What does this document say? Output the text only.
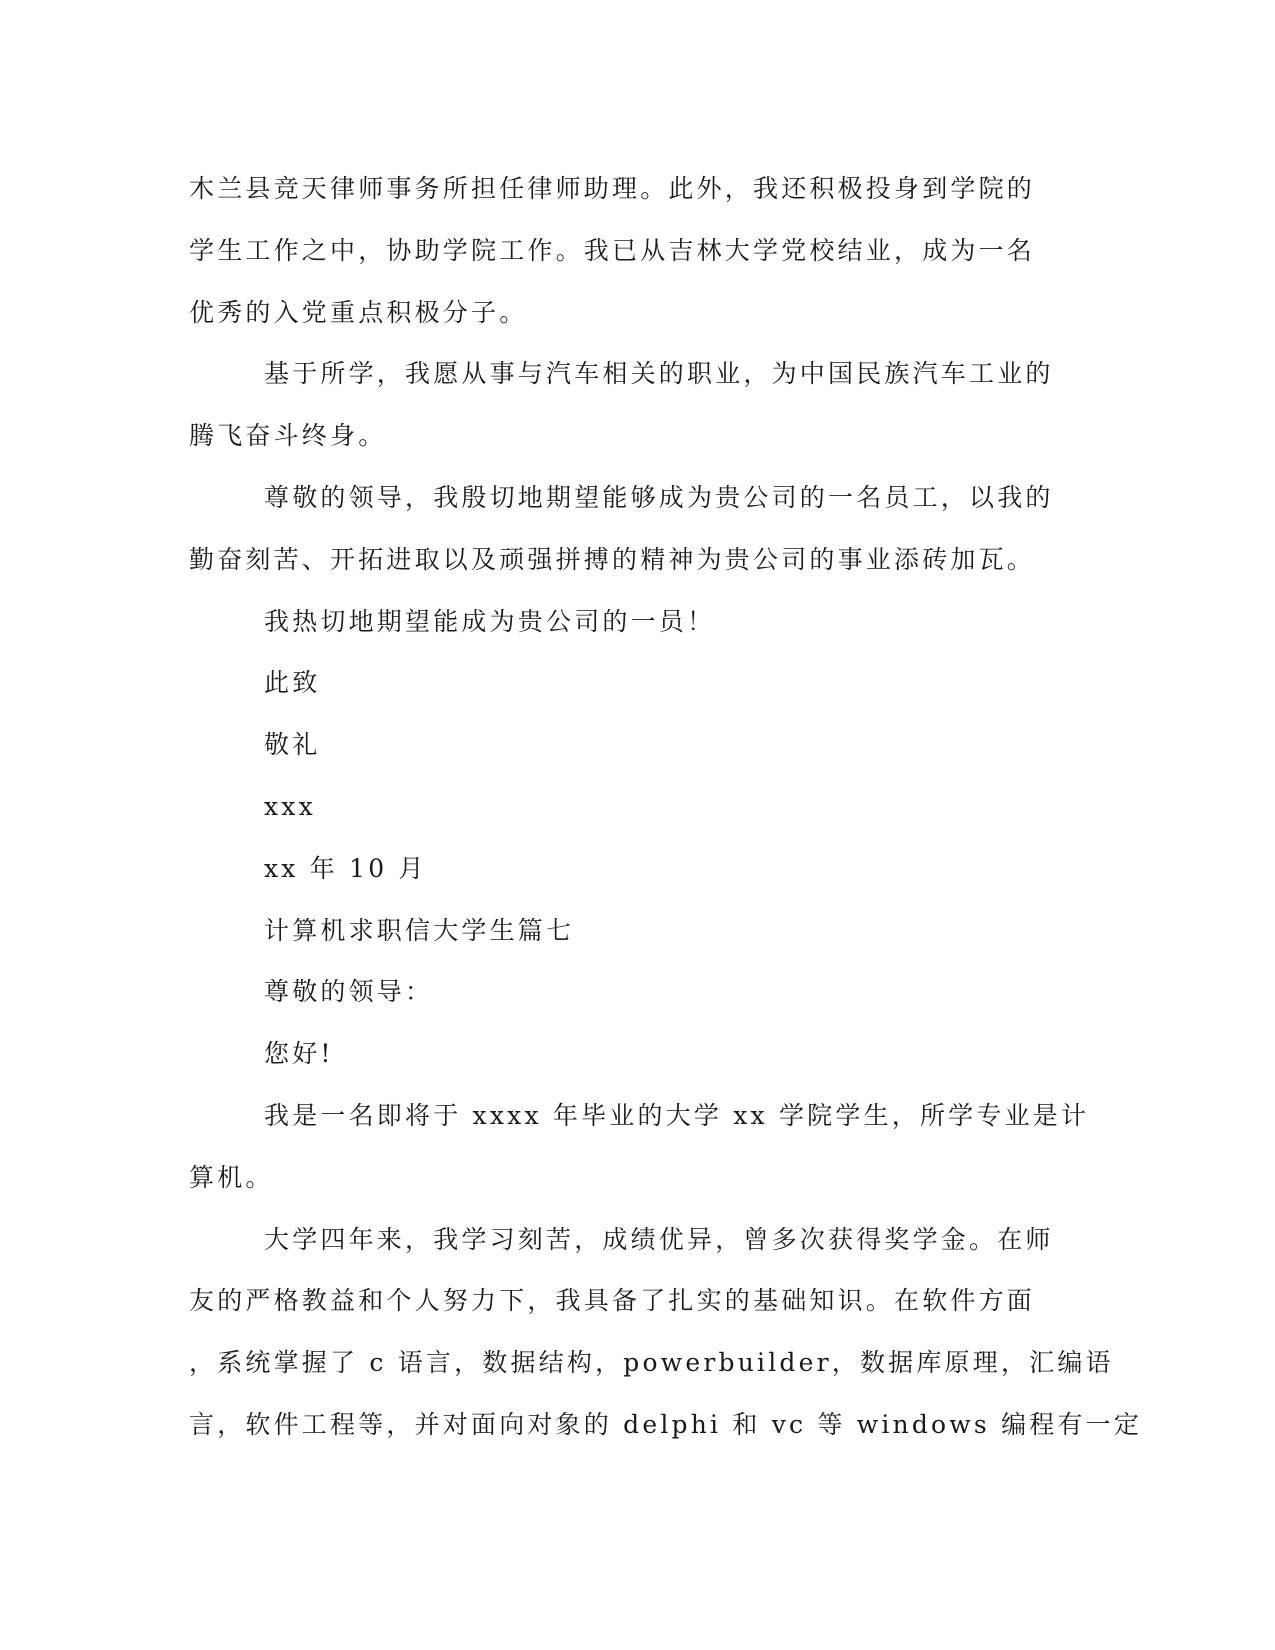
木兰县竞天律师事务所担任律师助理。此外，我还积极投身到学院的
学生工作之中，协助学院工作。我已从吉林大学党校结业，成为一名
优秀的入党重点积极分子。
基于所学，我愿从事与汽车相关的职业，为中国民族汽车工业的
腾飞奋斗终身。
尊敬的领导，我殷切地期望能够成为贵公司的一名员工，以我的
勤奋刻苦、开拓进取以及顽强拼搏的精神为贵公司的事业添砖加瓦。
我热切地期望能成为贵公司的一员！
此致
敬礼
xxx
xx 年 10 月
计算机求职信大学生篇七
尊敬的领导：
您好!
我是一名即将于 xxxx 年毕业的大学 xx 学院学生，所学专业是计
算机。
大学四年来，我学习刻苦，成绩优异，曾多次获得奖学金。在师
友的严格教益和个人努力下，我具备了扎实的基础知识。在软件方面
，系统掌握了 c 语言，数据结构，powerbuilder，数据库原理，汇编语
言，软件工程等，并对面向对象的 delphi 和 vc 等 windows 编程有一定
